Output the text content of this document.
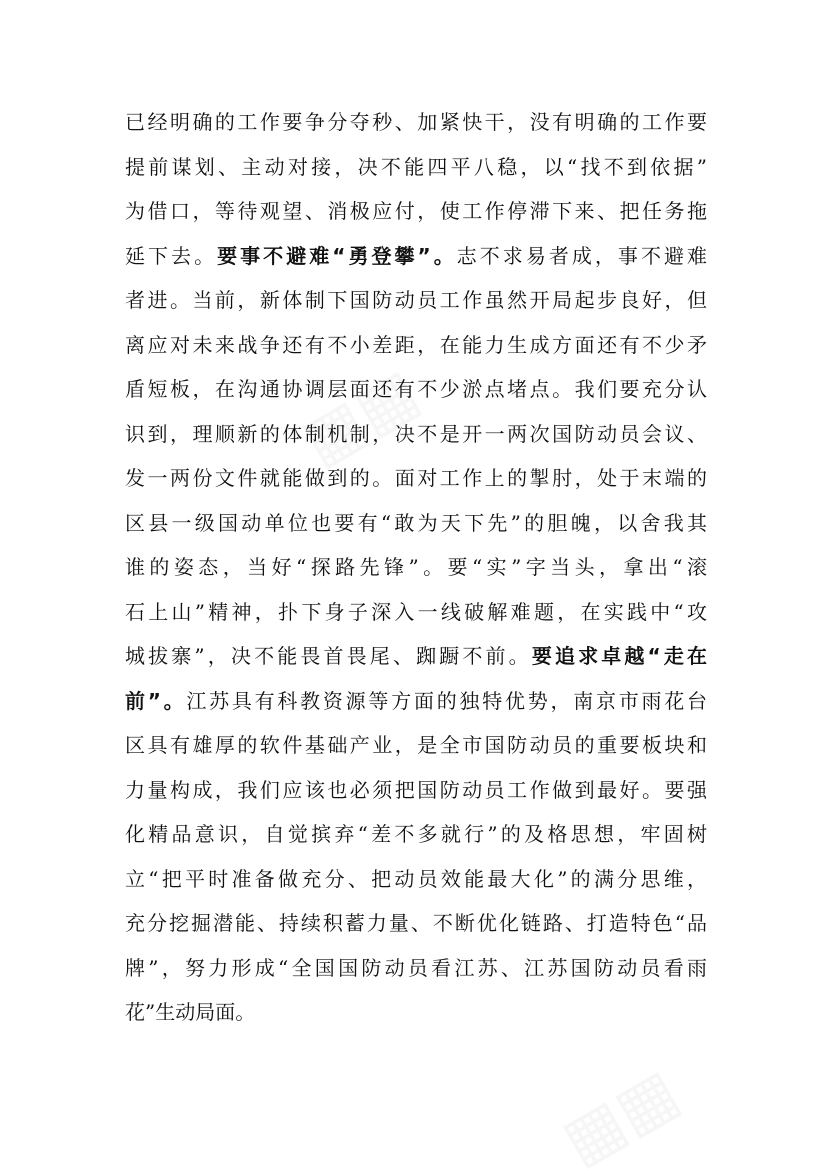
已经明确的工作要争分夺秒、加紧快干，没有明确的工作要
提前谋划、主动对接，决不能四平八稳，以“找不到依据”
为借口，等待观望、消极应付，使工作停滞下来、把任务拖
延下去。要事不避难“勇登攀”。志不求易者成，事不避难
者进。当前，新体制下国防动员工作虽然开局起步良好，但
离应对未来战争还有不小差距，在能力生成方面还有不少矛
盾短板，在沟通协调层面还有不少淤点堵点。我们要充分认
识到，理顺新的体制机制，决不是开一两次国防动员会议、
发一两份文件就能做到的。面对工作上的掣肘，处于末端的
区县一级国动单位也要有“敢为天下先”的胆魄，以舍我其
谁的姿态，当好“探路先锋”。要“实”字当头，拿出“滚
石上山”精神，扑下身子深入一线破解难题，在实践中“攻
城拔寨”，决不能畏首畏尾、踟蹰不前。要追求卓越“走在
前”。江苏具有科教资源等方面的独特优势，南京市雨花台
区具有雄厚的软件基础产业，是全市国防动员的重要板块和
力量构成，我们应该也必须把国防动员工作做到最好。要强
化精品意识，自觉摈弃“差不多就行”的及格思想，牢固树
立“把平时准备做充分、把动员效能最大化”的满分思维，
充分挖掘潜能、持续积蓄力量、不断优化链路、打造特色“品
牌”，努力形成“全国国防动员看江苏、江苏国防动员看雨
花”生动局面。
